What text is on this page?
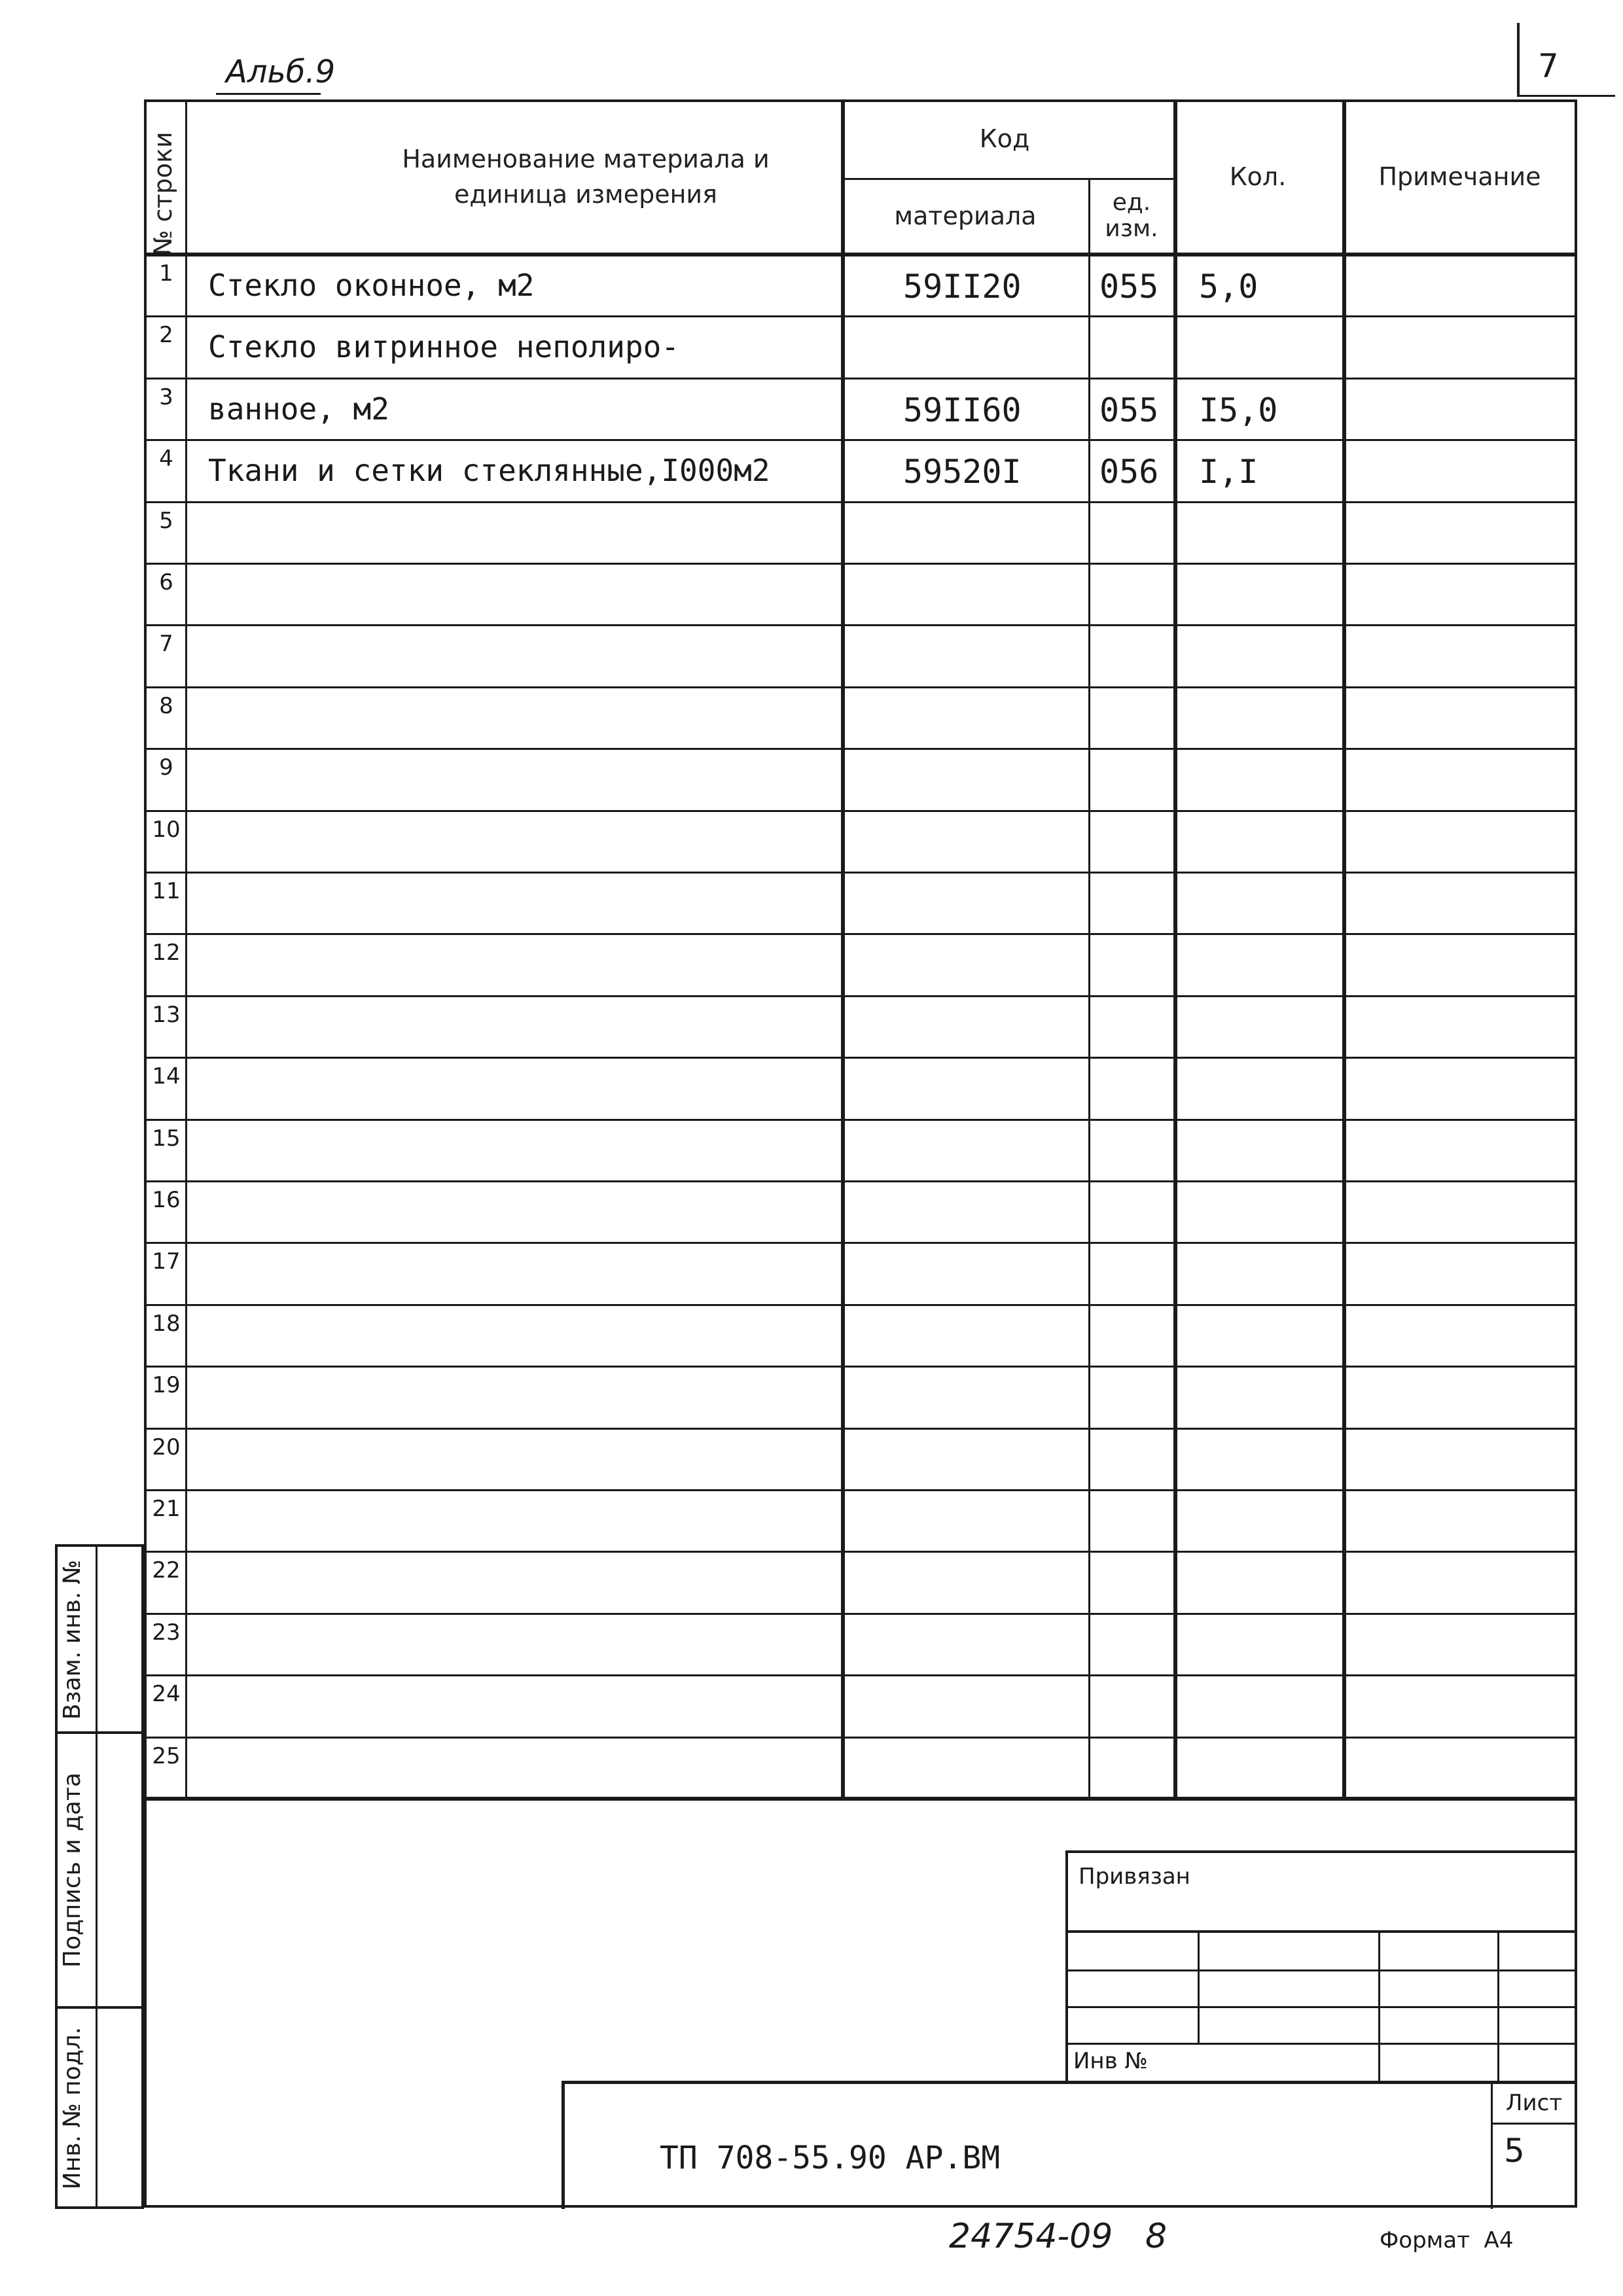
Альб.9	7
№ строки	Наименование материала и
единица измерения
Код
материала	ед.
изм.
Кол.	Примечание
1	Стекло оконное, м2	59II20 055 5,0
2	Стекло витринное неполиро-
3	ванное, м2	59II60 055 I5,0
4	Ткани и сетки стеклянные,I000м2	59520I 056 I,I
5
6
7
8
9
10
11
12
13
14
15
16
17
18
19
20
21
22
23
24
25
Взам. инв. №
Подпись и дата
Инв. № подл.
Привязан
Инв №
ТП 708-55.90 АР.ВМ
Лист
5
24754-09   8	Формат  А4
